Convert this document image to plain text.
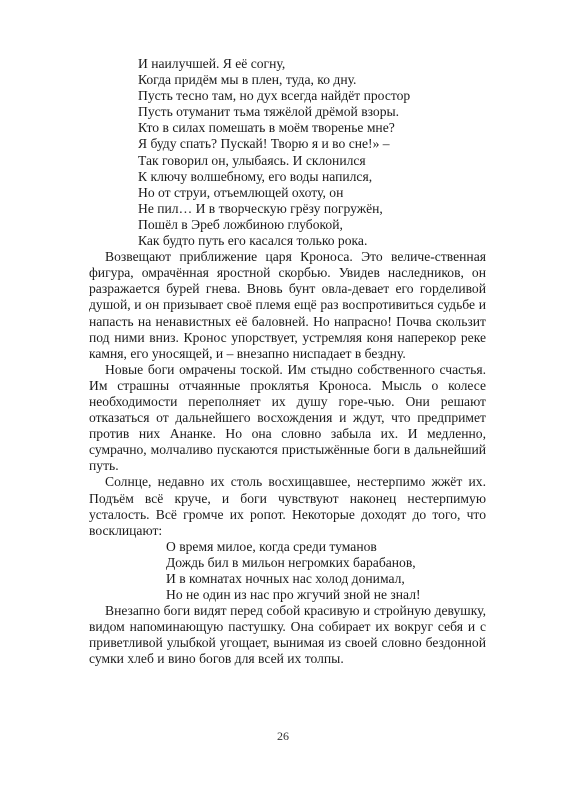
И наилучшей. Я её согну,
Когда придём мы в плен, туда, ко дну.
Пусть тесно там, но дух всегда найдёт простор
Пусть отуманит тьма тяжёлой дрёмой взоры.
Кто в силах помешать в моём творенье мне?
Я буду спать? Пускай! Творю я и во сне!» –
Так говорил он, улыбаясь. И склонился
К ключу волшебному, его воды напился,
Но от струи, отъемлющей охоту, он
Не пил… И в творческую грёзу погружён,
Пошёл в Эреб ложбиною глубокой,
Как будто путь его касался только рока.

Возвещают приближение царя Кроноса. Это величе-ственная фигура, омрачённая яростной скорбью. Увидев наследников, он разражается бурей гнева. Вновь бунт овла-девает его гордeливой душой, и он призывает своё племя ещё раз воспротивиться судьбе и напасть на ненавистных её баловней. Но напрасно! Почва скользит под ними вниз. Кронос упорствует, устремляя коня наперекор реке камня, его уносящей, и – внезапно ниспадает в бездну.

Новые боги омрачены тоской. Им стыдно собственного счастья. Им страшны отчаянные проклятья Кроноса. Мысль о колесе необходимости переполняет их душу горе-чью. Они решают отказаться от дальнейшего восхождения и ждут, что предпримет против них Ананке. Но она словно забыла их. И медленно, сумрачно, молчаливо пускаются пристыжённые боги в дальнейший путь.

Солнце, недавно их столь восхищавшее, нестерпимо жжёт их. Подъём всё круче, и боги чувствуют наконец нестерпимую усталость. Всё громче их ропот. Некоторые доходят до того, что восклицают:

О время милое, когда среди туманов
Дождь бил в мильон негромких барабанов,
И в комнатах ночных нас холод донимал,
Но не один из нас про жгучий зной не знал!

Внезапно боги видят перед собой красивую и стройную девушку, видом напоминающую пастушку. Она собирает их вокруг себя и с приветливой улыбкой угощает, вынимая из своей словно бездонной сумки хлеб и вино богов для всей их толпы.

26
